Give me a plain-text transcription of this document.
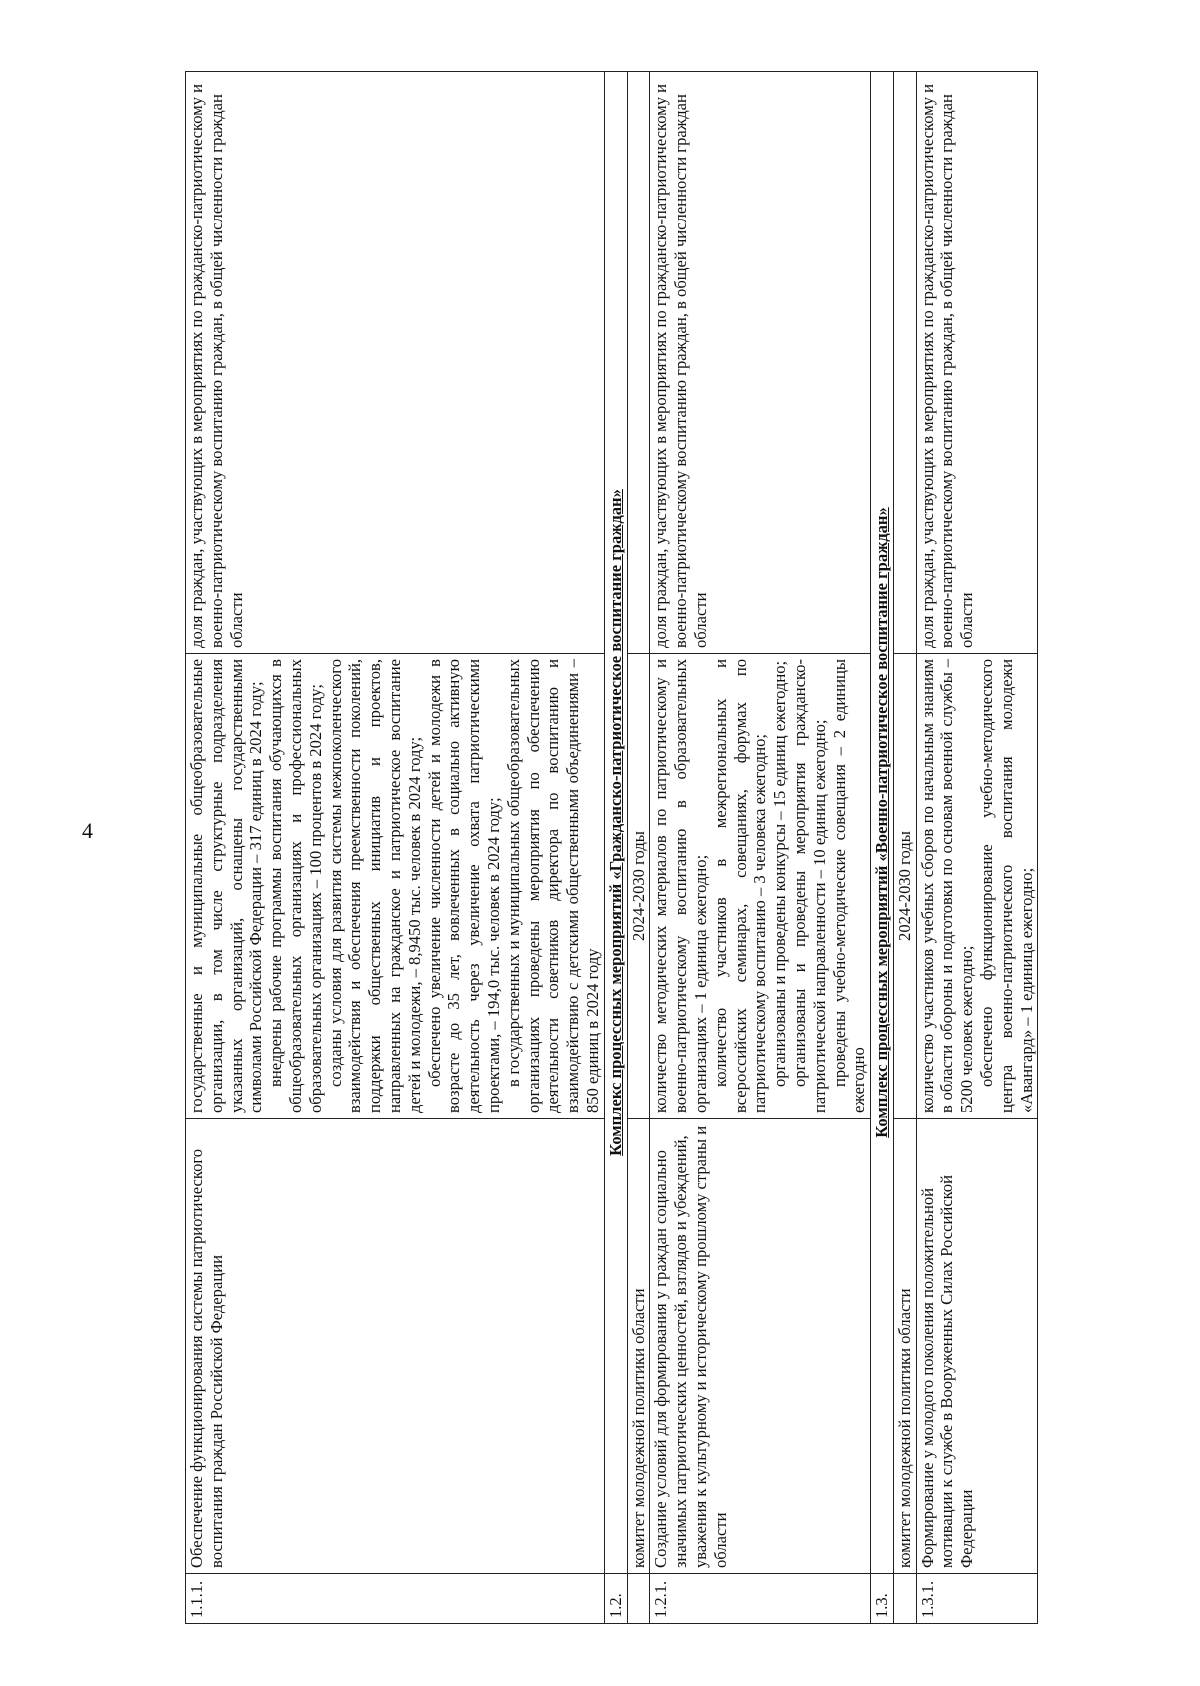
4
1.1.1.	Обеспечение функционирования системы патриотического воспитания граждан Российской Федерации	государственные и муниципальные общеобразовательные организации, в том числе структурные подразделения указанных организаций, оснащены государственными символами Российской Федерации – 317 единиц в 2024 году; внедрены рабочие программы воспитания обучающихся в общеобразовательных организациях и профессиональных образовательных организациях – 100 процентов в 2024 году; созданы условия для развития системы межпоколенческого взаимодействия и обеспечения преемственности поколений, поддержки общественных инициатив и проектов, направленных на гражданское и патриотическое воспитание детей и молодежи, – 8,9450 тыс. человек в 2024 году; обеспечено увеличение численности детей и молодежи в возрасте до 35 лет, вовлеченных в социально активную деятельность через увеличение охвата патриотическими проектами, – 194,0 тыс. человек в 2024 году; в государственных и муниципальных общеобразовательных организациях проведены мероприятия по обеспечению деятельности советников директора по воспитанию и взаимодействию с детскими общественными объединениями – 850 единиц в 2024 году	доля граждан, участвующих в мероприятиях по гражданско-патриотическому и военно-патриотическому воспитанию граждан, в общей численности граждан области
1.2.	Комплекс процессных мероприятий «Гражданско-патриотическое воспитание граждан»		
	комитет молодежной политики области	2024-2030 годы	
1.2.1.	Создание условий для формирования у граждан социально значимых патриотических ценностей, взглядов и убеждений, уважения к культурному и историческому прошлому страны и области	количество методических материалов по патриотическому и военно-патриотическому воспитанию в образовательных организациях – 1 единица ежегодно; количество участников в межрегиональных и всероссийских семинарах, совещаниях, форумах по патриотическому воспитанию – 3 человека ежегодно; организованы и проведены конкурсы – 15 единиц ежегодно; организованы и проведены мероприятия гражданско-патриотической направленности – 10 единиц ежегодно; проведены учебно-методические совещания – 2 единицы ежегодно	доля граждан, участвующих в мероприятиях по гражданско-патриотическому и военно-патриотическому воспитанию граждан, в общей численности граждан области
1.3.	Комплекс процессных мероприятий «Военно-патриотическое воспитание граждан»		
	комитет молодежной политики области	2024-2030 годы	
1.3.1.	Формирование у молодого поколения положительной мотивации к службе в Вооруженных Силах Российской Федерации	количество участников учебных сборов по начальным знаниям в области обороны и подготовки по основам военной службы – 5200 человек ежегодно; обеспечено функционирование учебно-методического центра военно-патриотического воспитания молодежи «Авангард» – 1 единица ежегодно;	доля граждан, участвующих в мероприятиях по гражданско-патриотическому и военно-патриотическому воспитанию граждан, в общей численности граждан области
